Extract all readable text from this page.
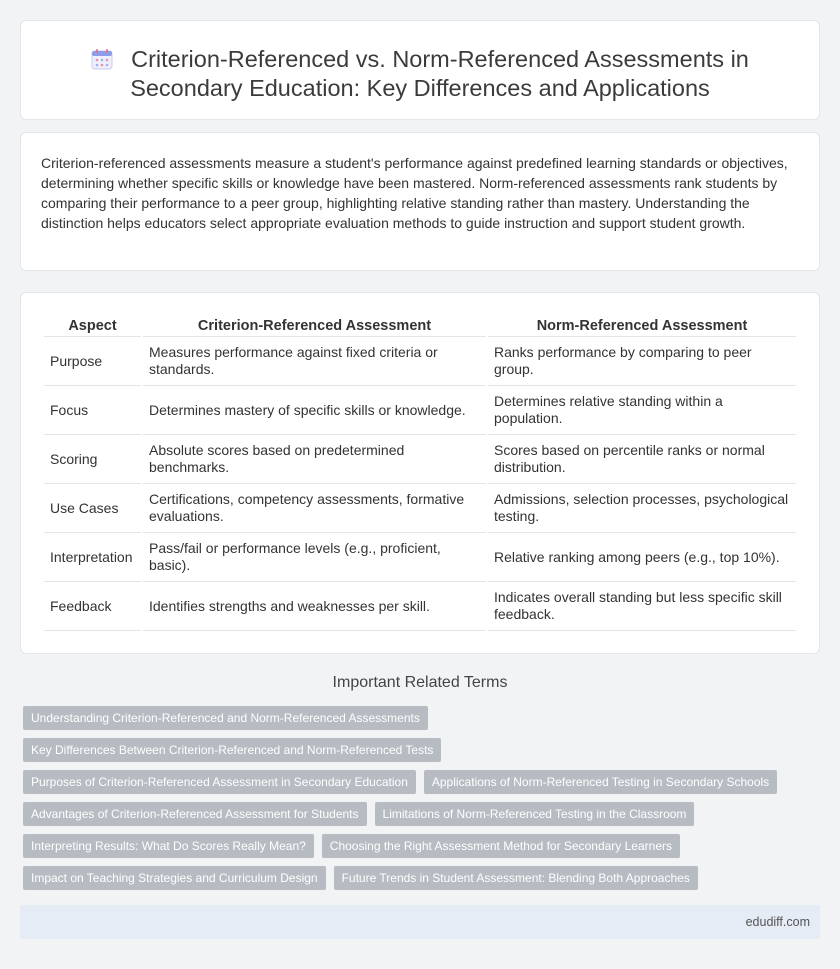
Criterion-Referenced vs. Norm-Referenced Assessments in
Secondary Education: Key Differences and Applications

Criterion-referenced assessments measure a student's performance against predefined learning standards or objectives, determining whether specific skills or knowledge have been mastered. Norm-referenced assessments rank students by comparing their performance to a peer group, highlighting relative standing rather than mastery. Understanding the distinction helps educators select appropriate evaluation methods to guide instruction and support student growth.

Aspect	Criterion-Referenced Assessment	Norm-Referenced Assessment
Purpose	Measures performance against fixed criteria or standards.	Ranks performance by comparing to peer group.
Focus	Determines mastery of specific skills or knowledge.	Determines relative standing within a population.
Scoring	Absolute scores based on predetermined benchmarks.	Scores based on percentile ranks or normal distribution.
Use Cases	Certifications, competency assessments, formative evaluations.	Admissions, selection processes, psychological testing.
Interpretation	Pass/fail or performance levels (e.g., proficient, basic).	Relative ranking among peers (e.g., top 10%).
Feedback	Identifies strengths and weaknesses per skill.	Indicates overall standing but less specific skill feedback.
Important Related Terms
Understanding Criterion-Referenced and Norm-Referenced Assessments
Key Differences Between Criterion-Referenced and Norm-Referenced Tests
Purposes of Criterion-Referenced Assessment in Secondary Education	Applications of Norm-Referenced Testing in Secondary Schools
Advantages of Criterion-Referenced Assessment for Students	Limitations of Norm-Referenced Testing in the Classroom
Interpreting Results: What Do Scores Really Mean?	Choosing the Right Assessment Method for Secondary Learners
Impact on Teaching Strategies and Curriculum Design	Future Trends in Student Assessment: Blending Both Approaches
edudiff.com
